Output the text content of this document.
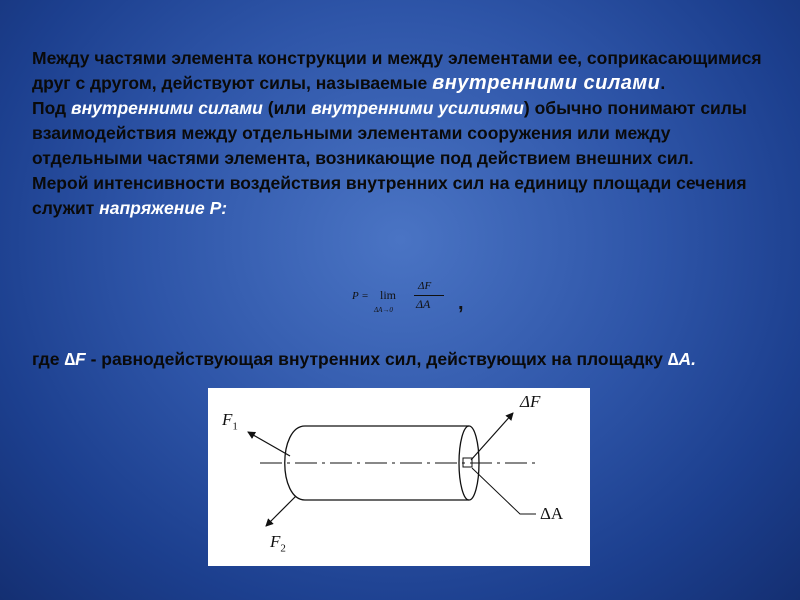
Между частями элемента конструкции и между элементами ее, соприкасающимися друг с другом, действуют силы, называемые внутренними силами.

Под внутренними силами (или внутренними усилиями) обычно понимают силы взаимодействия между отдельными элементами сооружения или между отдельными частями элемента, возникающие под действием внешних сил.

Мерой интенсивности воздействия внутренних сил на единицу площади сечения служит напряжение P:

P = lim
ΔA→0
ΔF
ΔA ,

где ∆F - равнодействующая внутренних сил, действующих на площадку ∆A.

$F_1$
$F_2$
ΔF
ΔA
